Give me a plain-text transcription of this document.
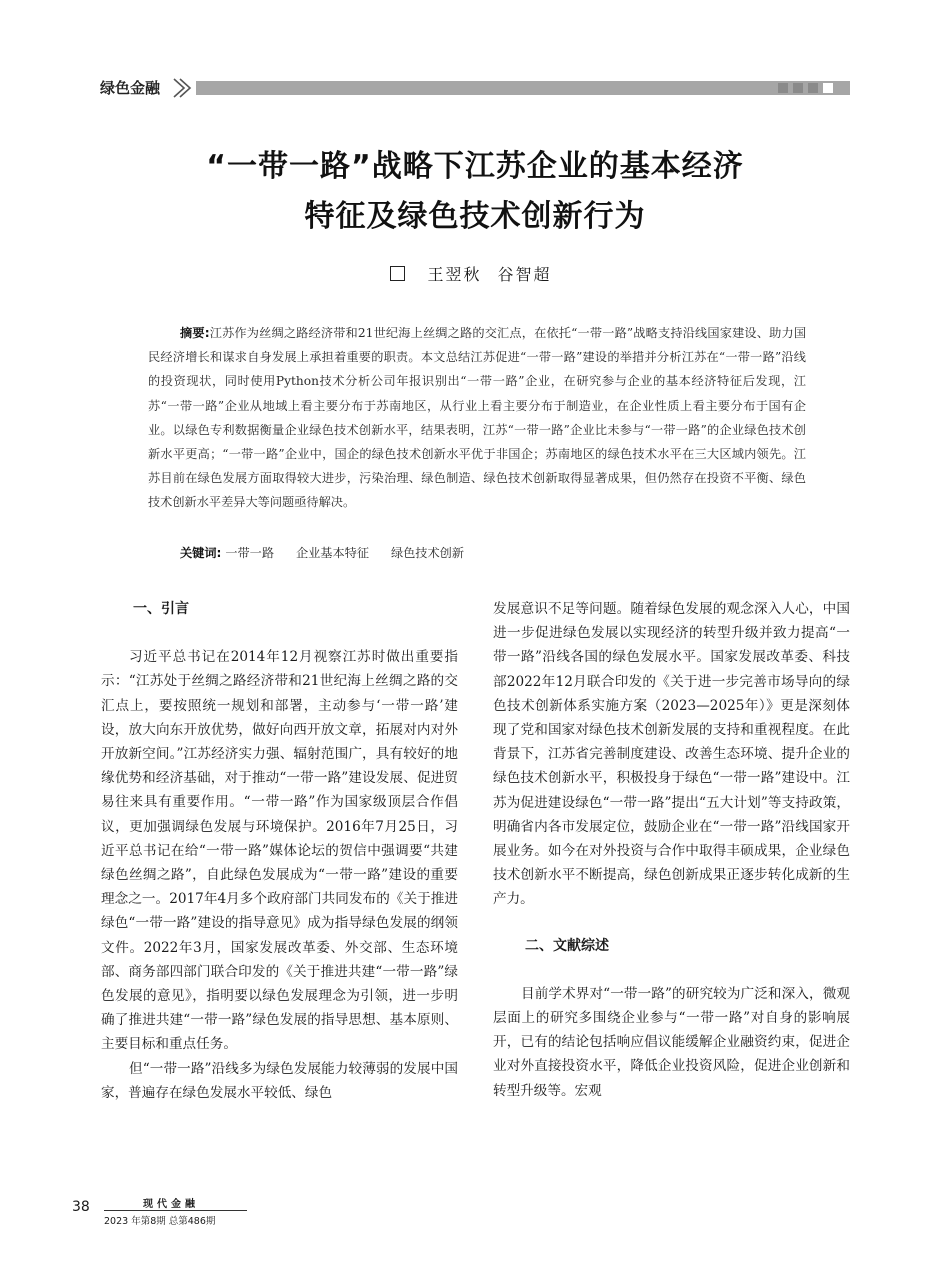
绿色金融
“一带一路”战略下江苏企业的基本经济
特征及绿色技术创新行为
王翌秋 谷智超
摘要:江苏作为丝绸之路经济带和21世纪海上丝绸之路的交汇点，在依托“一带一路”战略支持沿线国家建设、助力国民经济增长和谋求自身发展上承担着重要的职责。本文总结江苏促进“一带一路”建设的举措并分析江苏在“一带一路”沿线的投资现状，同时使用Python技术分析公司年报识别出“一带一路”企业，在研究参与企业的基本经济特征后发现，江苏“一带一路”企业从地域上看主要分布于苏南地区，从行业上看主要分布于制造业，在企业性质上看主要分布于国有企业。以绿色专利数据衡量企业绿色技术创新水平，结果表明，江苏“一带一路”企业比未参与“一带一路”的企业绿色技术创新水平更高；“一带一路”企业中，国企的绿色技术创新水平优于非国企；苏南地区的绿色技术水平在三大区域内领先。江苏目前在绿色发展方面取得较大进步，污染治理、绿色制造、绿色技术创新取得显著成果，但仍然存在投资不平衡、绿色技术创新水平差异大等问题亟待解决。
关键词: 一带一路 企业基本特征 绿色技术创新
一、引言

习近平总书记在2014年12月视察江苏时做出重要指示：“江苏处于丝绸之路经济带和21世纪海上丝绸之路的交汇点上，要按照统一规划和部署，主动参与‘一带一路’建设，放大向东开放优势，做好向西开放文章，拓展对内对外开放新空间。”江苏经济实力强、辐射范围广，具有较好的地缘优势和经济基础，对于推动“一带一路”建设发展、促进贸易往来具有重要作用。“一带一路”作为国家级顶层合作倡议，更加强调绿色发展与环境保护。2016年7月25日，习近平总书记在给“一带一路”媒体论坛的贺信中强调要“共建绿色丝绸之路”，自此绿色发展成为“一带一路”建设的重要理念之一。2017年4月多个政府部门共同发布的《关于推进绿色“一带一路”建设的指导意见》成为指导绿色发展的纲领文件。2022年3月，国家发展改革委、外交部、生态环境部、商务部四部门联合印发的《关于推进共建“一带一路”绿色发展的意见》，指明要以绿色发展理念为引领，进一步明确了推进共建“一带一路”绿色发展的指导思想、基本原则、主要目标和重点任务。

但“一带一路”沿线多为绿色发展能力较薄弱的发展中国家，普遍存在绿色发展水平较低、绿色

发展意识不足等问题。随着绿色发展的观念深入人心，中国进一步促进绿色发展以实现经济的转型升级并致力提高“一带一路”沿线各国的绿色发展水平。国家发展改革委、科技部2022年12月联合印发的《关于进一步完善市场导向的绿色技术创新体系实施方案（2023—2025年）》更是深刻体现了党和国家对绿色技术创新发展的支持和重视程度。在此背景下，江苏省完善制度建设、改善生态环境、提升企业的绿色技术创新水平，积极投身于绿色“一带一路”建设中。江苏为促进建设绿色“一带一路”提出“五大计划”等支持政策，明确省内各市发展定位，鼓励企业在“一带一路”沿线国家开展业务。如今在对外投资与合作中取得丰硕成果，企业绿色技术创新水平不断提高，绿色创新成果正逐步转化成新的生产力。

二、文献综述

目前学术界对“一带一路”的研究较为广泛和深入，微观层面上的研究多围绕企业参与“一带一路”对自身的影响展开，已有的结论包括响应倡议能缓解企业融资约束，促进企业对外直接投资水平，降低企业投资风险，促进企业创新和转型升级等。宏观

38	现代金融
2023 年第8期 总第486期
